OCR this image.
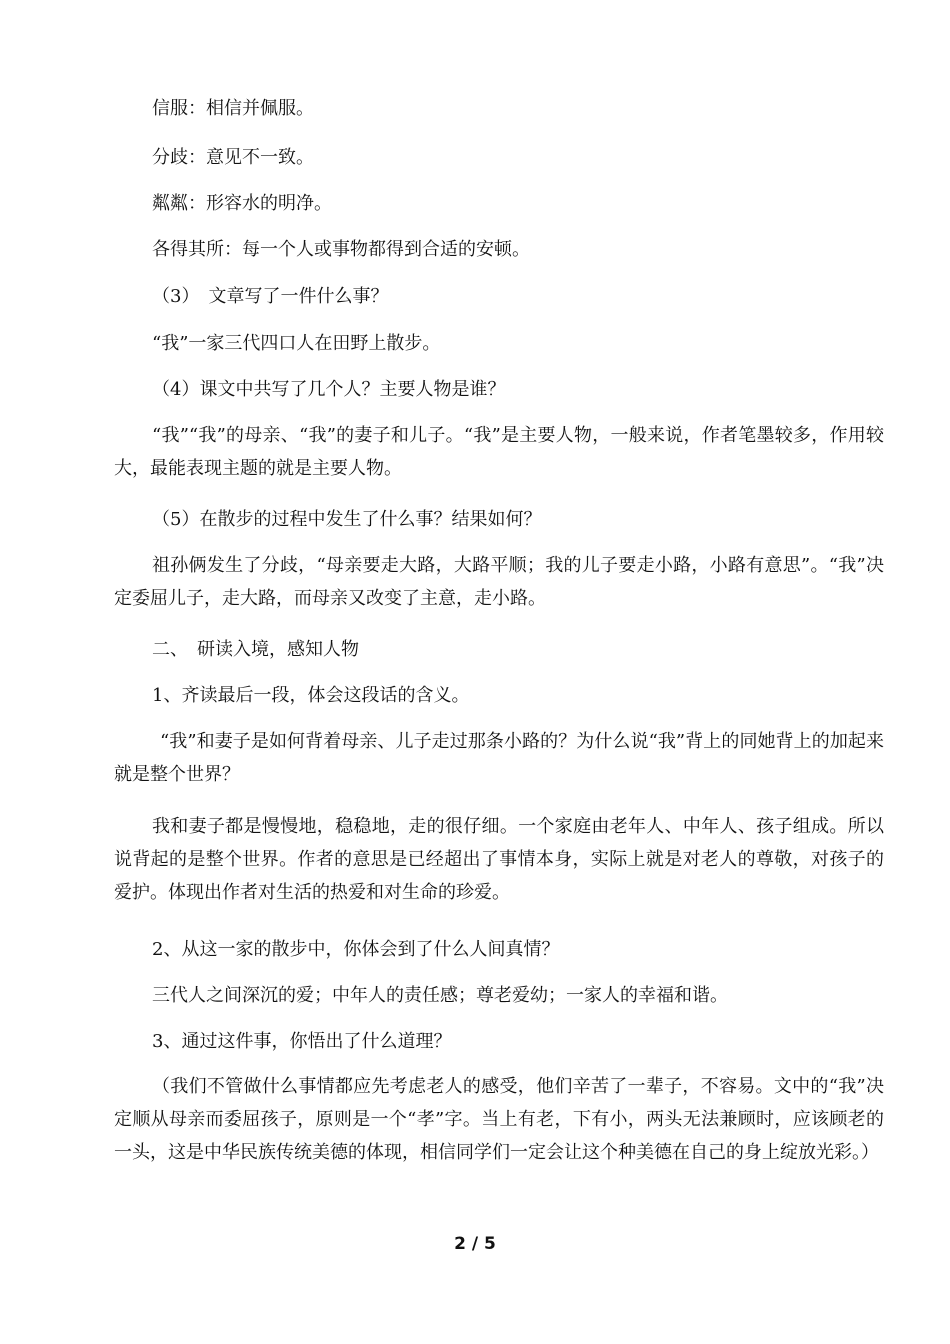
信服：相信并佩服。

分歧：意见不一致。

粼粼：形容水的明净。

各得其所：每一个人或事物都得到合适的安顿。

（3）　文章写了一件什么事？

“我”一家三代四口人在田野上散步。

（4）课文中共写了几个人？主要人物是谁？

“我”“我”的母亲、“我”的妻子和儿子。“我”是主要人物，一般来说，作者笔墨较多，作用较大，最能表现主题的就是主要人物。

（5）在散步的过程中发生了什么事？结果如何？

祖孙俩发生了分歧，“母亲要走大路，大路平顺；我的儿子要走小路，小路有意思”。“我”决定委屈儿子，走大路，而母亲又改变了主意，走小路。

二、　研读入境，感知人物

1、齐读最后一段，体会这段话的含义。

“我”和妻子是如何背着母亲、儿子走过那条小路的？为什么说“我”背上的同她背上的加起来就是整个世界？

我和妻子都是慢慢地，稳稳地，走的很仔细。一个家庭由老年人、中年人、孩子组成。所以说背起的是整个世界。作者的意思是已经超出了事情本身，实际上就是对老人的尊敬，对孩子的爱护。体现出作者对生活的热爱和对生命的珍爱。

2、从这一家的散步中，你体会到了什么人间真情？

三代人之间深沉的爱；中年人的责任感；尊老爱幼；一家人的幸福和谐。

3、通过这件事，你悟出了什么道理？

（我们不管做什么事情都应先考虑老人的感受，他们辛苦了一辈子，不容易。文中的“我”决定顺从母亲而委屈孩子，原则是一个“孝”字。当上有老，下有小，两头无法兼顾时，应该顾老的一头，这是中华民族传统美德的体现，相信同学们一定会让这个种美德在自己的身上绽放光彩。）

2 / 5
